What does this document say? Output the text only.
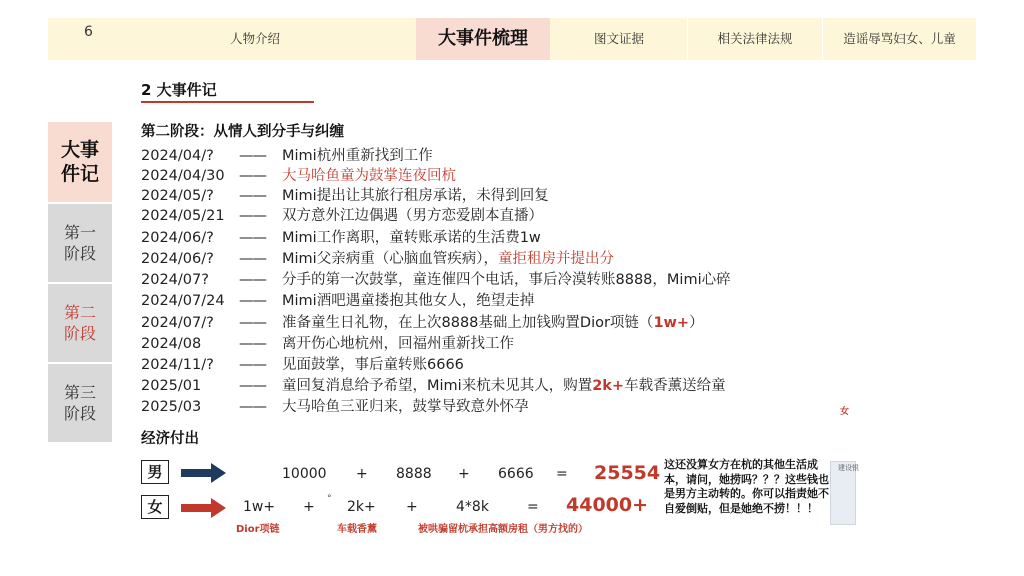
6	人物介绍	大事件梳理	图文证据	相关法律法规	造谣辱骂妇女、儿童
2 大事件记
大事件记
第一阶段
第二阶段
第三阶段
第二阶段：从情人到分手与纠缠
2024/04/? —— Mimi杭州重新找到工作
2024/04/30 —— 大马哈鱼童为鼓掌连夜回杭
2024/05/? —— Mimi提出让其旅行租房承诺，未得到回复
2024/05/21 —— 双方意外江边偶遇（男方恋爱剧本直播）
2024/06/? —— Mimi工作离职，童转账承诺的生活费1w
2024/06/? —— Mimi父亲病重（心脑血管疾病），童拒租房并提出分
2024/07? —— 分手的第一次鼓掌，童连催四个电话，事后冷漠转账8888，Mimi心碎
2024/07/24 —— Mimi酒吧遇童搂抱其他女人，绝望走掉
2024/07/? —— 准备童生日礼物，在上次8888基础上加钱购置Dior项链（1w+）
2024/08	—— 离开伤心地杭州，回福州重新找工作
2024/11/? —— 见面鼓掌，事后童转账6666
2025/01	—— 童回复消息给予希望，Mimi来杭未见其人，购置2k+车载香薰送给童
2025/03	—— 大马哈鱼三亚归来，鼓掌导致意外怀孕	女
经济付出
男	10000 + 8888 + 6666 = 25554
女	1w+ + ° 2k+ +	4*8k	= 44000+
Dior项链	车载香薰	被哄骗留杭承担高额房租（男方找的）
这还没算女方在杭的其他生活成本，请问，她捞吗？？？这些钱也是男方主动转的。你可以指责她不自爱倒贴，但是她绝不捞！！！
建设银
